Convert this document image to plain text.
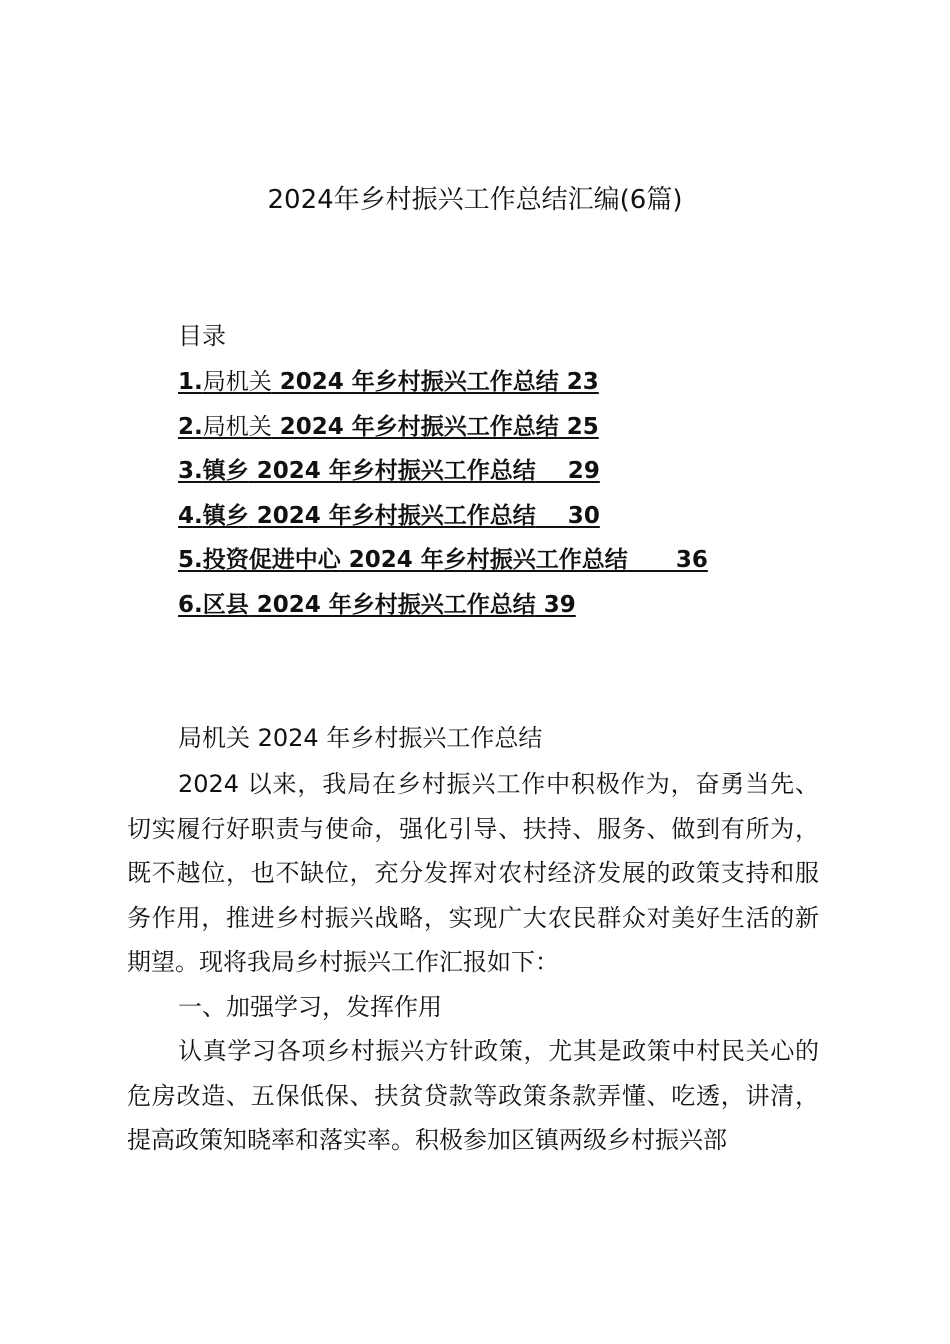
2024年乡村振兴工作总结汇编(6篇)
目录
1.局机关 2024 年乡村振兴工作总结 23
2.局机关 2024 年乡村振兴工作总结 25
3.镇乡 2024 年乡村振兴工作总结    29
4.镇乡 2024 年乡村振兴工作总结    30
5.投资促进中心 2024 年乡村振兴工作总结      36
6.区县 2024 年乡村振兴工作总结 39
局机关 2024 年乡村振兴工作总结

2024 以来，我局在乡村振兴工作中积极作为，奋勇当先、切实履行好职责与使命，强化引导、扶持、服务、做到有所为，既不越位，也不缺位，充分发挥对农村经济发展的政策支持和服务作用，推进乡村振兴战略，实现广大农民群众对美好生活的新期望。现将我局乡村振兴工作汇报如下：

一、加强学习，发挥作用

认真学习各项乡村振兴方针政策，尤其是政策中村民关心的危房改造、五保低保、扶贫贷款等政策条款弄懂、吃透，讲清，提高政策知晓率和落实率。积极参加区镇两级乡村振兴部
